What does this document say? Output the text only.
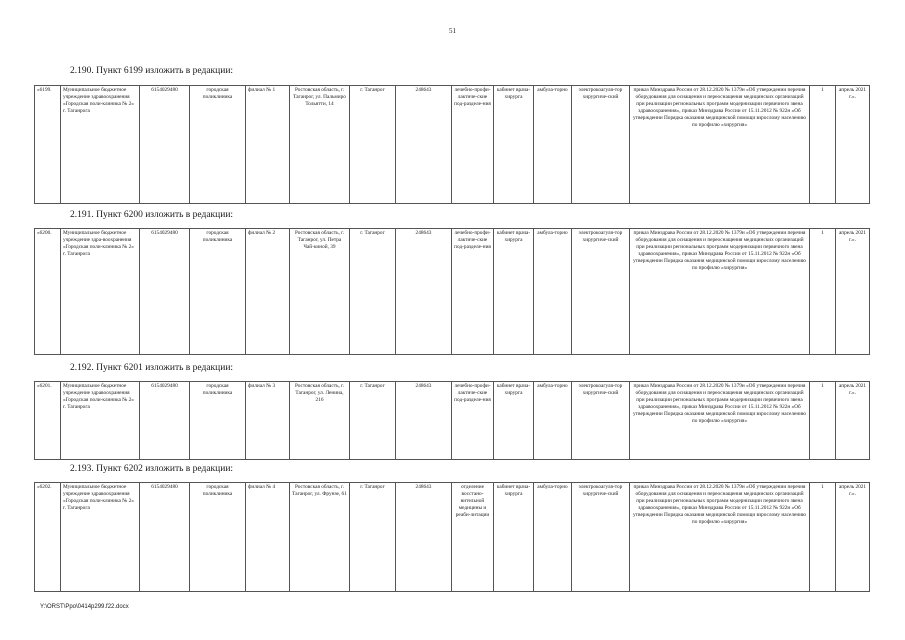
51
2.190. Пункт 6199 изложить в редакции:
«6199.	Муниципальное бюджетное учреждение здравоохранения «Городская поли-клиника № 2» г. Таганрога	6154029480	городская поликлиника	филиал № 1	Ростовская область, г. Таганрог, ул. Пальмиро Тольятти, 14	г. Таганрог	248643	лечебно-профи-лактиче-ские под-разделе-ния	кабинет врача-хирурга	амбула-торно	электрокоагуля-тор хирургиче-ский	приказ Минздрава России от 28.12.2020 № 1379н «Об утверждении перечня оборудования для оснащения и переоснащения медицинских организаций при реализации региональных программ модернизации первичного звена здравоохранения», приказ Минздрава России от 15.11.2012 № 922н «Об утверждении Порядка оказания медицинской помощи взрослому населению по профилю «хирургия»	1	апрель 2021 г.».
2.191. Пункт 6200 изложить в редакции:
«6200.	Муниципальное бюджетное учреждение здра-воохранения «Городская поли-клиника № 2» г. Таганрога	6154029480	городская поликлиника	филиал № 2	Ростовская область, г. Таганрог, ул. Петра Чай-киной, 39	г. Таганрог	248643	лечебно-профи-лактиче-ские под-разделе-ния	кабинет врача-хирурга	амбула-торно	электрокоагуля-тор хирургиче-ский	приказ Минздрава России от 28.12.2020 № 1379н «Об утверждении перечня оборудования для оснащения и переоснащения медицинских организаций при реализации региональных программ модернизации первичного звена здравоохранения», приказ Минздрава России от 15.11.2012 № 922н «Об утверждении Порядка оказания медицинской помощи взрослому населению по профилю «хирургия»	1	апрель 2021 г.».
2.192. Пункт 6201 изложить в редакции:
«6201.	Муниципальное бюджетное учреждение здравоохранения «Городская поли-клиника № 2» г. Таганрога	6154029480	городская поликлиника	филиал № 3	Ростовская область, г. Таганрог, ул. Ленина, 216	г. Таганрог	248643	лечебно-профи-лактиче-ские под-разделе-ния	кабинет врача-хирурга	амбула-торно	электрокоагуля-тор хирургиче-ский	приказ Минздрава России от 28.12.2020 № 1379н «Об утверждении перечня оборудования для оснащения и переоснащения медицинских организаций при реализации региональных программ модернизации первичного звена здравоохранения», приказ Минздрава России от 15.11.2012 № 922н «Об утверждении Порядка оказания медицинской помощи взрослому населению по профилю «хирургия»	1	апрель 2021 г.».
2.193. Пункт 6202 изложить в редакции:
«6202.	Муниципальное бюджетное учреждение здравоохранения «Городская поли-клиника № 2» г. Таганрога	6154029480	городская поликлиника	филиал № 4	Ростовская область, г. Таганрог, ул. Фрунзе, 61	г. Таганрог	248643	отделение восстано-вительной медицины и реаби-литации	кабинет врача-хирурга	амбула-торно	электрокоагуля-тор хирургиче-ский	приказ Минздрава России от 28.12.2020 № 1379н «Об утверждении перечня оборудования для оснащения и переоснащения медицинских организаций при реализации региональных программ модернизации первичного звена здравоохранения», приказ Минздрава России от 15.11.2012 № 922н «Об утверждении Порядка оказания медицинской помощи взрослому населению по профилю «хирургия»	1	апрель 2021 г.».
Y:\ORST\Ppo\0414p299.f22.docx
